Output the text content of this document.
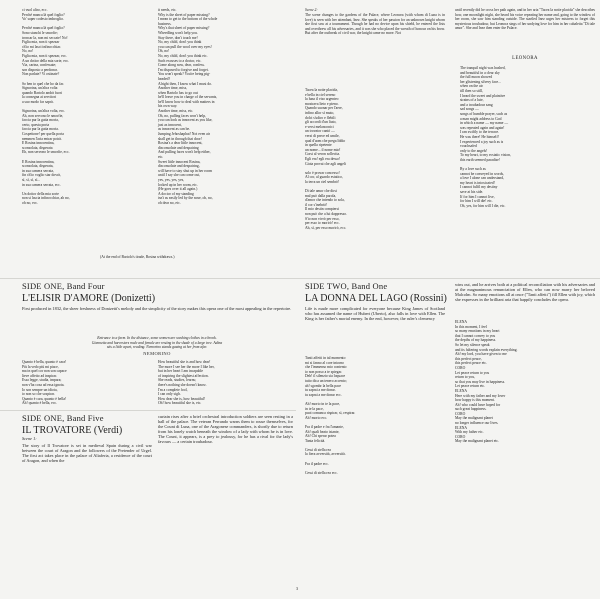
ci vuol altro, ecc.
Perché manca là quel foglio?
Vo' saper codesto imbroglio.

Perché manca là quel foglio?
Sono stanchi le smorfie;
troncar la, non mi seccate! No!
Figlia mia, non ti spezzar
ch'io mi lasci infinocchiar.
No, no!
Figlia mia, non ti spezzar, ecc.
A un dottor della mia sorte, ecc.
Via, carina, confessate;
son disposto a perdonar.
Non parlate? Vi ostinate?

So ben io quel che ho da far.
Signorina, un'altra volta
quando Bartolo andrà fuori
la consegna ai servitori
a suo modo far saprà.

Signorina, un'altra volta, ecc.
Ah, non servono le smorfie,
faccia pur la gatta morta,
certo, questa porta
faccia pur la gatta morta.
Cospettone! per quella porta
nemmen l'aria entrar potrà.
E Rosina innocentina,
sconsolata, disperata
Eh, non servono le smorfie, ecc.

E Rosina innocentina,
sconsolata, disperata,
in sua camera serrata,
fin ch'io voglio star dovrà,
sì, sì, sì, sì...
in sua camera serrata, ecc.

Un dottor della mia sorte
non si lascia infinocchiar, ah no,
oh no, ecc.
it needs, etc.
Why is the sheet of paper missing?
I mean to get to the bottom of the whole
business.
Why's that sheet of paper missing?
Wheedling won't help you.
Stay there, don't touch me!
No, my child, don't you think
you can pull the wool over my eyes!
Oh, no!
No, my child, don't you think etc.
Such excuses to a doctor, etc.
Come along now, dear, confess.
I'm disposed to forgive and forget.
You won't speak? You're being pig-
headed?
Alright then, I know what I must do.
Another time, miss,
when Bartolo has to go out
he'll leave you in charge of the servants,
he'll know how to deal with matters in
his own way.
Another time, miss, etc.
Oh, no, pulling faces won't help,
you can look as innocent as you like,
just as innocent,
as innocent as can be.
Jumping Jehoshaphat! Not even air
shall get in through that door!
Rosina's a dear little innocent,
disconsolate and despairing
And pulling faces won't help either,
etc.
Sweet little innocent Rosina,
disconsolate and despairing,
will have to stay shut up in her room
until I say she can come out,
yes, yes, yes, yes,
locked up in her room, etc.
(He goes over it all again.)
A doctor of my standing
isn't as easily led by the nose, oh, no,
oh dear no, etc.
(At the end of Bartolo's tirade, Rosina withdraws.)
Scene 2:
The scene changes to the gardens of the Palace, where Leonora (with whom di Luna is in love) is seen with her attendant, Inez. She speaks of her passion for an unknown knight whom she first saw at a tournament. Though he had no device upon his shield, he entered the lists and overthrew all his adversaries, and it was she who placed the wreath of honour on his brow. But after the outbreak of civil war, the knight came no more. Not
Tacea la notte placida,
e bella in ciel sereno
la luna il viso argenteo
mostrava lieto e pieno.
Quando suonar per l'aere,
infino allor sì muto,
dolci s'udiro e flebili
gli accordi d'un liuto,
e versi melanconici
un trovator cantò —
versi di prece ed umile,
qual d'uom che prega Iddio
in quella ripetente
un nome... il nome mio!
Corsi al veron sollecita.
Egli era! egli era desso!
Gioia provai che agli angeli

solo è provar concesso!
Al cor, al guardo estatico,
la terra un ciel sembrò!

Di tale amor che dirsi
mal può dalla parola,
d'amor che intendo io sola,
il cor s'inebriò!
Il mio destin compiersi
non può che a lui dappresso.
S'io non vivrò per esso,
per esso io morirò! ecc.
Ah, sì, per esso morirò, ecc.
until recently did he cross her path again, and in her aria "Tacea la notte placida" she describes how, one moonlight night, she heard his voice repeating her name and, going to the window of her room, she saw him standing outside. The startled Inez urges her mistress to forget this mysterious troubadour, but Leonora sings of her undying love for him in her cabaletta "Di tale amor". She and Inez then enter the Palace.
LEONORA
The tranquil night was hushed,
and beautiful in a clear sky
the full moon showed
her glistening silvery face...
when on the air
till then so still,
I heard the sweet and plaintive
strains of a lute,
and a troubadour sang
sad songs —
songs of humble prayer, such as
a man might address to God
in which a name — my name —
was repeated again and again!
I ran swiftly to the terrace.
He was there! He himself!
I experienced a joy such as is
vouchsafed
only to the angels!
To my heart, to my ecstatic vision,
this earth seemed paradise!

By a love such as
cannot be conveyed in words,
a love I alone can understand,
my heart is intoxicated!
I cannot fulfil my destiny
save at his side.
If for him I cannot live,
for him I will die! etc.
Oh, yes, for him will I die, etc.
SIDE ONE, Band Four
L'ELISIR D'AMORE (Donizetti)
First produced in 1832, the sheer freshness of Donizetti's melody and the simplicity of the story makes this opera one of the most appealing in the repertoire.
Entrance to a farm. In the distance, some women are washing clothes in a brook.
Giannetta and harvesters male and female are resting in the shade of a large tree. Adina
sits a little apart, reading. Nemorino stands gazing at her from afar.
NEMORINO
Quanto è bella, quanto è cara!
Più la vedo più mi piace,
ma in quel cor non son capace
lieve affetto ad inspirar.
Essa legge, studia, impara;
non v'ha cosa ad essa ignota.
Io son sempre un idiota,
io non so che sospirar.
Quanto è cara, quanto è bella!
Ah! quanto è bella, ecc.
How beautiful she is and how dear!
The more I see her the more I like her,
but in her heart I am incapable
of inspiring the slightest affection.
She reads, studies, learns;
there's nothing she doesn't know.
I'm a complete fool,
I can only sigh.
How dear she is, how beautiful!
Oh! how beautiful she is, etc.
SIDE TWO, Band One
LA DONNA DEL LAGO (Rossini)
Life is made more complicated for everyone because King James of Scotland who has assumed the name of Hubert (Uberto), also falls in love with Ellen. The King is her father's mortal enemy. In the end, however, the ruler's clemency
wins out, and he arrives both at a political reconciliation with his adversaries and at the magnanimous renunciation of Ellen, who can now marry her beloved Malcolm. So many emotions all at once ("Tanti affetti") fill Ellen with joy, which she expresses in the brilliant aria that happily concludes the opera.
Tanti affetti in tal momento
mi si fanno al core intorno
che l'immenso mio contento
io non posso a te spiegar.
Deh! il silenzio sia loquace
tutto dica un tenero accento;
ah! sgombr la bella pace
tu saprai a me donar.
tu saprai a me donar ecc.

Ah! morto in te la pace,
in te la pace,
puoi comunca rispirar, sì, respirar.
Ah! morto ecc.

Fra il padre e fra l'amante,
Ah! quali beato istante,
Ah! Chi sperar potea
Tanta felicità.

Cessi di stella rea
la fiera avversità, avversità.

Fra il padre ecc.

Cessi di stella rea ecc.
ELENA
In this moment, I feel
so many emotions in my heart
that I cannot convey to you
the depths of my happiness.
So let my silence speak
and its faltering words explain everything.
Ah! my lord, you have given to me
this perfect peace,
this perfect peace etc.
CORO
Let peace return to you
return to you,
so that you may live in happiness.
Let peace return etc.
ELENA
Here with my father and my lover
how happy is this moment.
Ah! who could have hoped for
such great happiness.
CORO
May the malignant planet
no longer influence our lives.
ELENA
With my father etc.
CORO
May the malignant planet etc.
SIDE ONE, Band Five
IL TROVATORE (Verdi)
Scene 1:
The story of Il Trovatore is set in medieval Spain during a civil war between the court of Aragon and the followers of the Pretender of Urgel. The first act takes place in the palace of Aliaferia, a residence of the court of Aragon, and when the
curtain rises after a brief orchestral introduction soldiers are seen resting in a hall of the palace. The veteran Ferrando warns them to rouse themselves, for the Count di Luna, one of the Aragonese commanders, is shortly due to return from his lonely watch beneath the window of a lady with whom he is in love. The Count, it appears, is a prey to jealousy, for he has a rival for the lady's favours — a certain troubadour.
3
